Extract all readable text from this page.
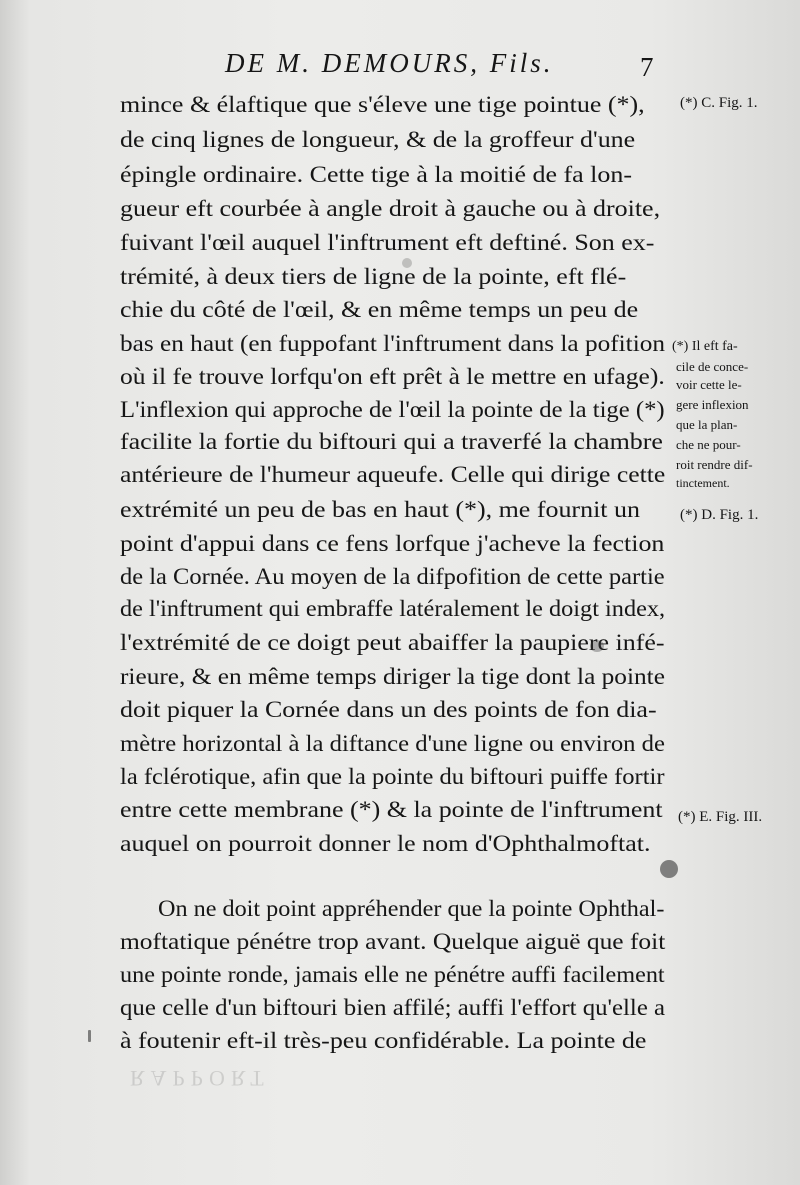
DE M. DEMOURS, Fils.	7
mince & élaftique que s'éleve une tige pointue (*),
de cinq lignes de longueur, & de la groffeur d'une
épingle ordinaire. Cette tige à la moitié de fa lon-
gueur eft courbée à angle droit à gauche ou à droite,
fuivant l'œil auquel l'inftrument eft deftiné. Son ex-
trémité, à deux tiers de ligne de la pointe, eft flé-
chie du côté de l'œil, & en même temps un peu de
bas en haut (en fuppofant l'inftrument dans la pofition
où il fe trouve lorfqu'on eft prêt à le mettre en ufage).
L'inflexion qui approche de l'œil la pointe de la tige (*)
facilite la fortie du biftouri qui a traverfé la chambre
antérieure de l'humeur aqueufe. Celle qui dirige cette
extrémité un peu de bas en haut (*), me fournit un
point d'appui dans ce fens lorfque j'acheve la fection
de la Cornée. Au moyen de la difpofition de cette partie
de l'inftrument qui embraffe latéralement le doigt index,
l'extrémité de ce doigt peut abaiffer la paupiere infé-
rieure, & en même temps diriger la tige dont la pointe
doit piquer la Cornée dans un des points de fon dia-
mètre horizontal à la diftance d'une ligne ou environ de
la fclérotique, afin que la pointe du biftouri puiffe fortir
entre cette membrane (*) & la pointe de l'inftrument
auquel on pourroit donner le nom d'Ophthalmoftat.
On ne doit point appréhender que la pointe Ophthal-
moftatique pénétre trop avant. Quelque aiguë que foit
une pointe ronde, jamais elle ne pénétre auffi facilement
que celle d'un biftouri bien affilé; auffi l'effort qu'elle a
à foutenir eft-il très-peu confidérable. La pointe de
(*) C. Fig. 1.
(*) Il eft fa-
cile de conce-
voir cette le-
gere inflexion
que la plan-
che ne pour-
roit rendre dif-
tinctement.
(*) D. Fig. 1.
(*) E. Fig. III.
RAPPORT
